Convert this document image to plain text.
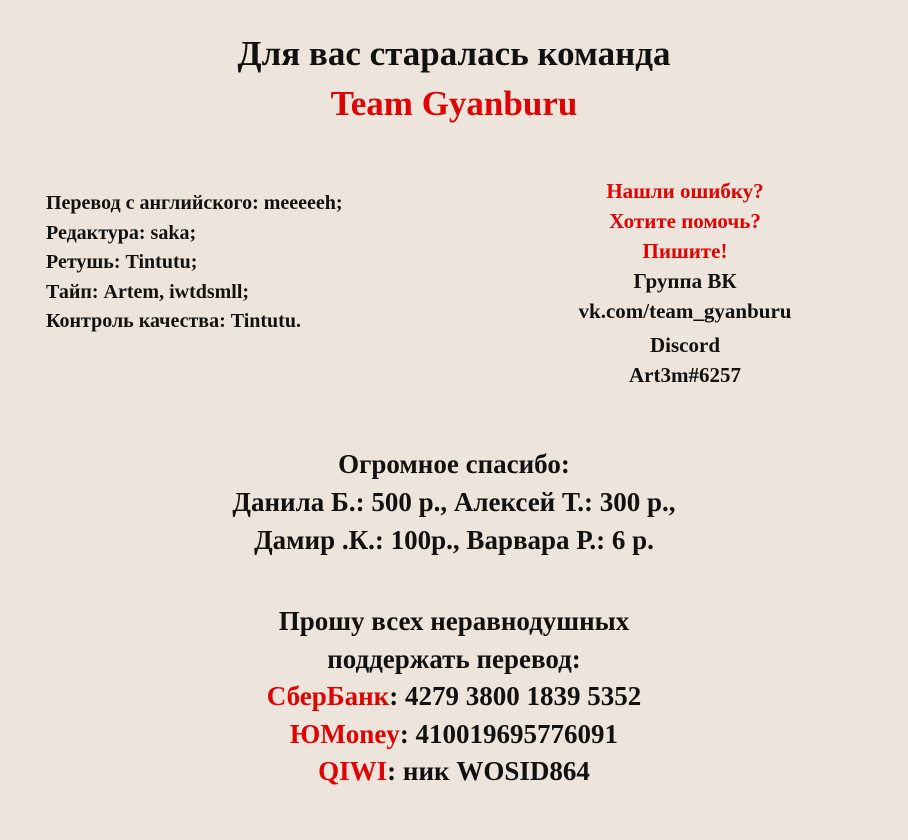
Для вас старалась команда
Team Gyanburu
Перевод с английского: meeeeeh;
Редактура: saka;
Ретушь: Tintutu;
Тайп: Artem, iwtdsmll;
Контроль качества: Tintutu.
Нашли ошибку?
Хотите помочь?
Пишите!
Группа ВК
vk.com/team_gyanburu
Discord
Art3m#6257
Огромное спасибо:
Данила Б.: 500 р., Алексей Т.: 300 р.,
Дамир .К.: 100р., Варвара Р.: 6 р.
Прошу всех неравнодушных
поддержать перевод:
СберБанк: 4279 3800 1839 5352
ЮMoney: 410019695776091
QIWI: ник WOSID864
